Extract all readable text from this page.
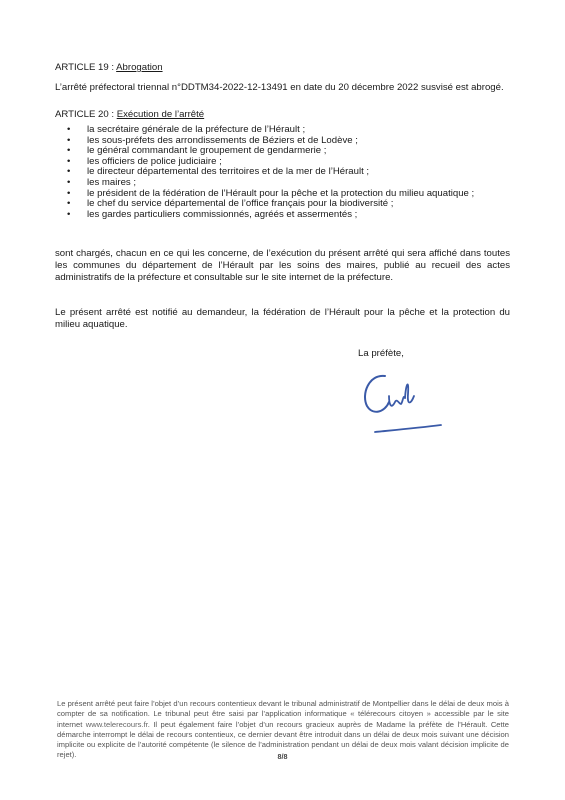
ARTICLE 19 : Abrogation
L’arrêté préfectoral triennal n°DDTM34-2022-12-13491 en date du 20 décembre 2022 susvisé est abrogé.
ARTICLE 20 : Exécution de l’arrêté
• la secrétaire générale de la préfecture de l’Hérault ;
• les sous-préfets des arrondissements de Béziers et de Lodève ;
• le général commandant le groupement de gendarmerie ;
• les officiers de police judiciaire ;
• le directeur départemental des territoires et de la mer de l’Hérault ;
• les maires ;
• le président de la fédération de l’Hérault pour la pêche et la protection du milieu aquatique ;
• le chef du service départemental de l’office français pour la biodiversité ;
• les gardes particuliers commissionnés, agréés et assermentés ;
sont chargés, chacun en ce qui les concerne, de l’exécution du présent arrêté qui sera affiché dans toutes les communes du département de l’Hérault par les soins des maires, publié au recueil des actes administratifs de la préfecture et consultable sur le site internet de la préfecture.
Le présent arrêté est notifié au demandeur, la fédération de l’Hérault pour la pêche et la protection du milieu aquatique.
La préfète,
Le présent arrêté peut faire l’objet d’un recours contentieux devant le tribunal administratif de Montpellier dans le délai de deux mois à compter de sa notification. Le tribunal peut être saisi par l’application informatique « télérecours citoyen » accessible par le site internet www.telerecours.fr. Il peut également faire l’objet d’un recours gracieux auprès de Madame la préfète de l’Hérault. Cette démarche interrompt le délai de recours contentieux, ce dernier devant être introduit dans un délai de deux mois suivant une décision implicite ou explicite de l’autorité compétente (le silence de l’administration pendant un délai de deux mois valant décision implicite de rejet).	8/8
